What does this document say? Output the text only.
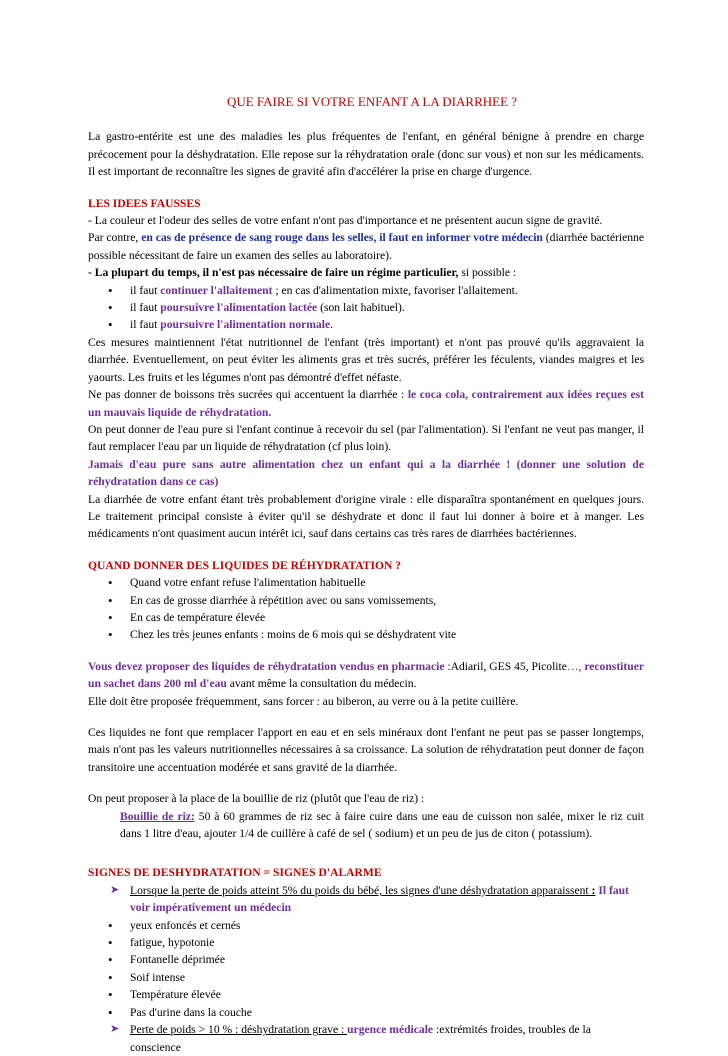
QUE FAIRE SI VOTRE ENFANT A LA DIARRHEE ?

La gastro-entérite est une des maladies les plus fréquentes de l'enfant, en général bénigne à prendre en charge précocement pour la déshydratation. Elle repose sur la réhydratation orale (donc sur vous) et non sur les médicaments. Il est important de reconnaître les signes de gravité afin d'accélérer la prise en charge d'urgence.

LES IDEES FAUSSES

- La couleur et l'odeur des selles de votre enfant n'ont pas d'importance et ne présentent aucun signe de gravité.

Par contre, en cas de présence de sang rouge dans les selles, il faut en informer votre médecin (diarrhée bactérienne possible nécessitant de faire un examen des selles au laboratoire).

- La plupart du temps, il n'est pas nécessaire de faire un régime particulier, si possible :

• il faut continuer l'allaitement ; en cas d'alimentation mixte, favoriser l'allaitement.
• il faut poursuivre l'alimentation lactée (son lait habituel).
• il faut poursuivre l'alimentation normale.

Ces mesures maintiennent l'état nutritionnel de l'enfant (très important) et n'ont pas prouvé qu'ils aggravaient la diarrhée. Eventuellement, on peut éviter les aliments gras et très sucrés, préférer les féculents, viandes maigres et les yaourts. Les fruits et les légumes n'ont pas démontré d'effet néfaste.

Ne pas donner de boissons très sucrées qui accentuent la diarrhée : le coca cola, contrairement aux idées reçues est un mauvais liquide de réhydratation.

On peut donner de l'eau pure si l'enfant continue à recevoir du sel (par l'alimentation). Si l'enfant ne veut pas manger, il faut remplacer l'eau par un liquide de réhydratation (cf plus loin).

Jamais d'eau pure sans autre alimentation chez un enfant qui a la diarrhée ! (donner une solution de réhydratation dans ce cas)

La diarrhée de votre enfant étant très probablement d'origine virale : elle disparaîtra spontanément en quelques jours. Le traitement principal consiste à éviter qu'il se déshydrate et donc il faut lui donner à boire et à manger. Les médicaments n'ont quasiment aucun intérêt ici, sauf dans certains cas très rares de diarrhées bactériennes.

QUAND DONNER DES LIQUIDES DE RÉHYDRATATION ?

• Quand votre enfant refuse l'alimentation habituelle
• En cas de grosse diarrhée à répétition avec ou sans vomissements,
• En cas de température élevée
• Chez les très jeunes enfants : moins de 6 mois qui se déshydratent vite

Vous devez proposer des liquides de réhydratation vendus en pharmacie :Adiaril, GES 45, Picolite…, reconstituer un sachet dans 200 ml d'eau avant même la consultation du médecin.

Elle doit être proposée fréquemment, sans forcer : au biberon, au verre ou à la petite cuillère.

Ces liquides ne font que remplacer l'apport en eau et en sels minéraux dont l'enfant ne peut pas se passer longtemps, mais n'ont pas les valeurs nutritionnelles nécessaires à sa croissance. La solution de réhydratation peut donner de façon transitoire une accentuation modérée et sans gravité de la diarrhée.

On peut proposer à la place de la bouillie de riz (plutôt que l'eau de riz) :

Bouillie de riz: 50 à 60 grammes de riz sec à faire cuire dans une eau de cuisson non salée, mixer le riz cuit dans 1 litre d'eau, ajouter 1/4 de cuillère à café de sel ( sodium) et un peu de jus de citon ( potassium).

SIGNES DE DESHYDRATATION = SIGNES D'ALARME

➤ Lorsque la perte de poids atteint 5% du poids du bébé, les signes d'une déshydratation apparaissent : Il faut voir impérativement un médecin
• yeux enfoncés et cernés
• fatigue, hypotonie
• Fontanelle déprimée
• Soif intense
• Température élevée
• Pas d'urine dans la couche
➤ Perte de poids > 10 % : déshydratation grave : urgence médicale :extrémités froides, troubles de la conscience
